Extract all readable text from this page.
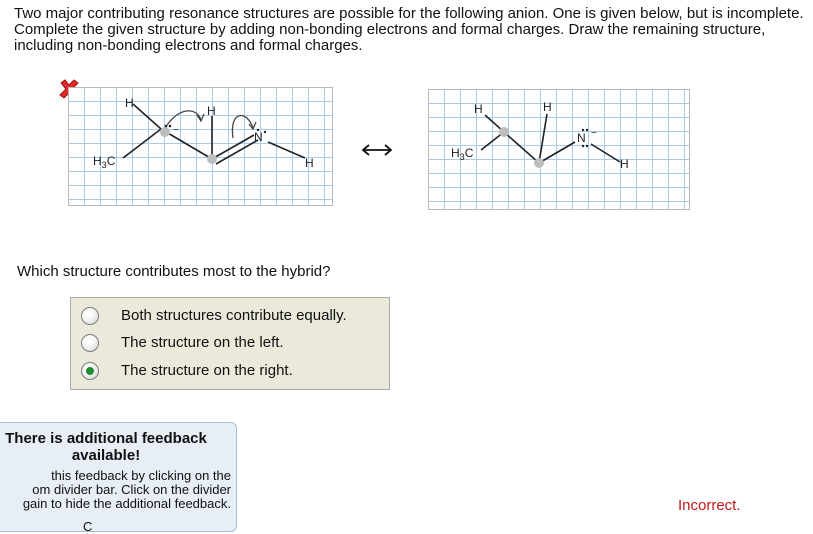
Two major contributing resonance structures are possible for the following anion. One is given below, but is incomplete. Complete the given structure by adding non-bonding electrons and formal charges. Draw the remaining structure, including non-bonding electrons and formal charges.
H
H
N
H
−
$H_3C$
H	H
N −
H
$H_3C$
Which structure contributes most to the hybrid?
Both structures contribute equally.
The structure on the left.
The structure on the right.
There is additional feedback
available!
this feedback by clicking on the
om divider bar. Click on the divider
gain to hide the additional feedback.
C
Incorrect.
